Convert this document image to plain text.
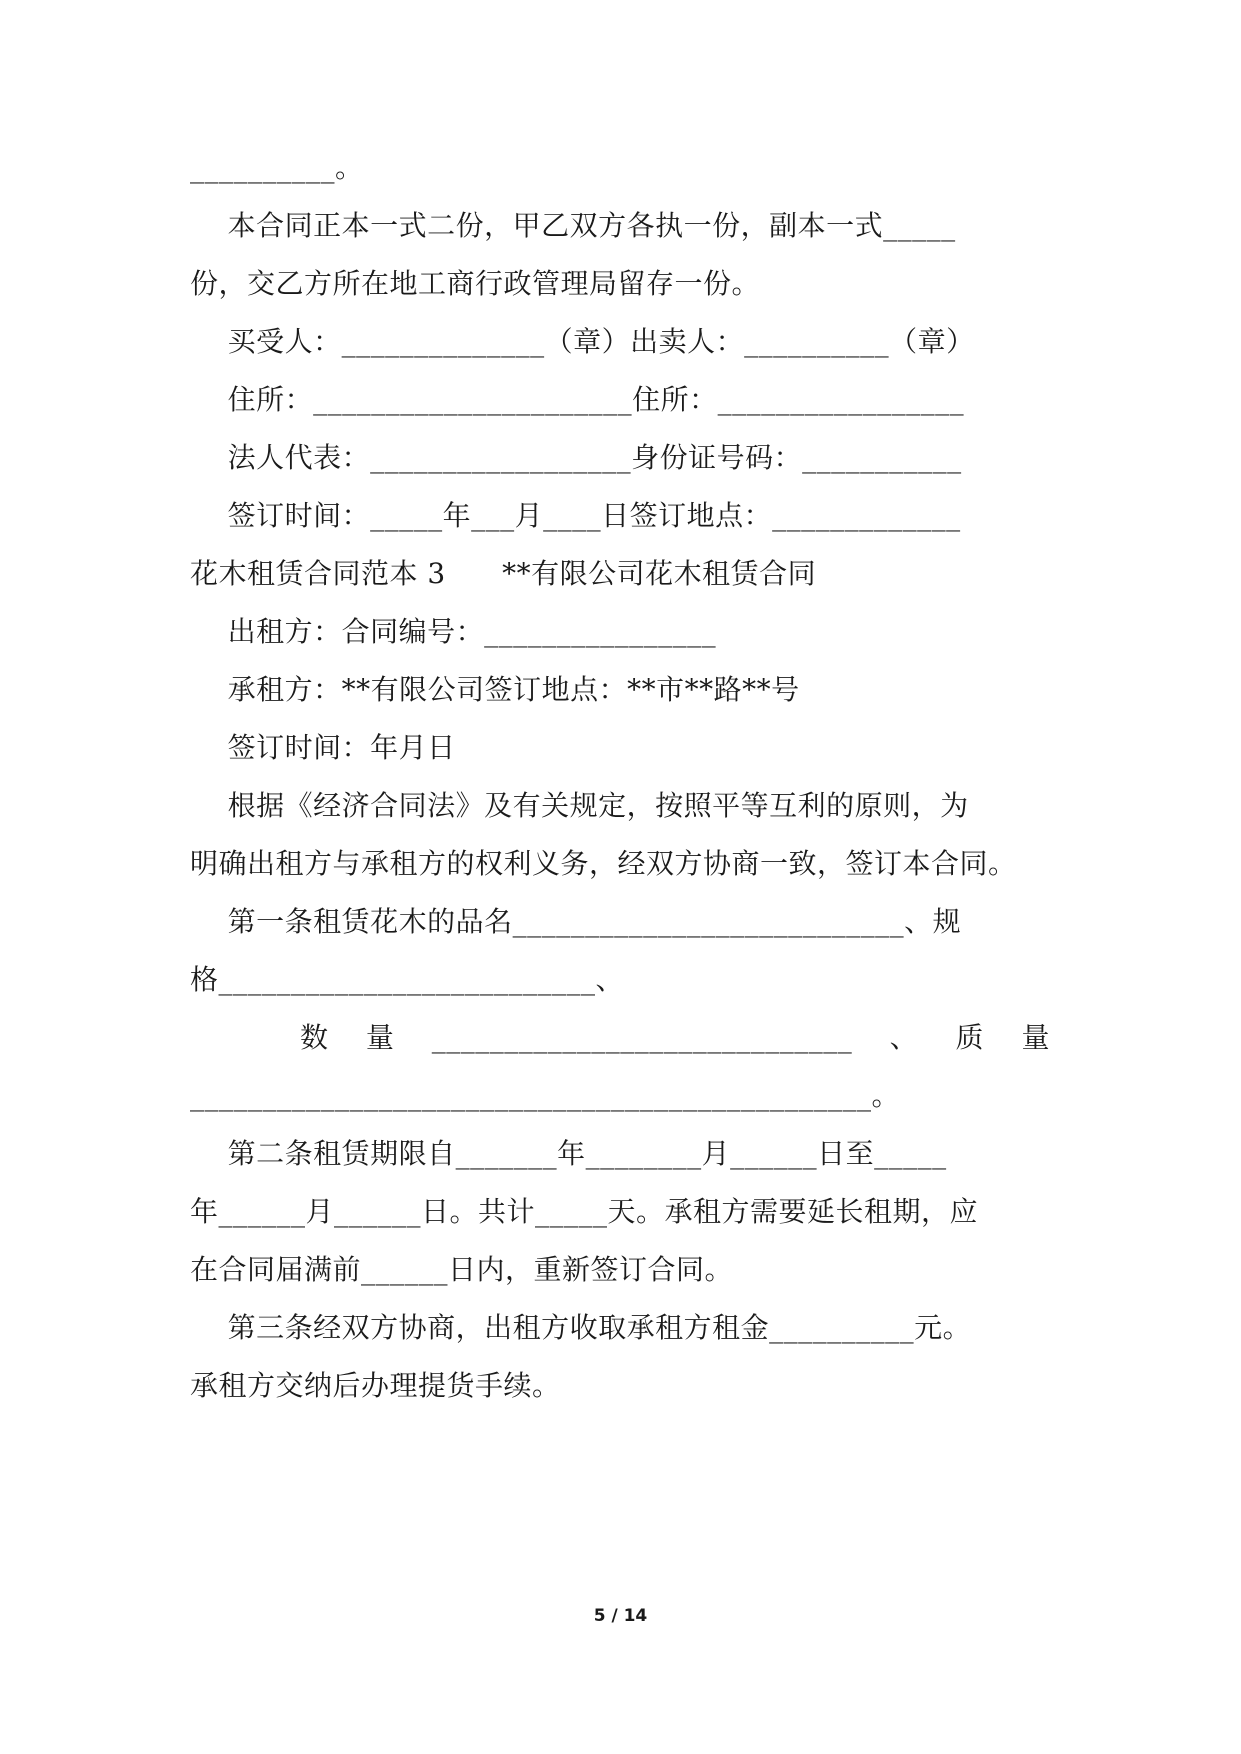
__________。
本合同正本一式二份，甲乙双方各执一份，副本一式_____
份，交乙方所在地工商行政管理局留存一份。
买受人：______________（章）出卖人：__________（章）
住所：______________________住所：_________________
法人代表：__________________身份证号码：___________
签订时间：_____年___月____日签订地点：_____________
花木租赁合同范本 3      **有限公司花木租赁合同
出租方：合同编号：________________
承租方：**有限公司签订地点：**市**路**号
签订时间：年月日
根据《经济合同法》及有关规定，按照平等互利的原则，为
明确出租方与承租方的权利义务，经双方协商一致，签订本合同。
第一条租赁花木的品名___________________________、规
格__________________________、
数 量 _____________________________ 、 质 量
_______________________________________________。
第二条租赁期限自_______年________月______日至_____
年______月______日。共计_____天。承租方需要延长租期，应
在合同届满前______日内，重新签订合同。
第三条经双方协商，出租方收取承租方租金__________元。
承租方交纳后办理提货手续。
5 / 14
